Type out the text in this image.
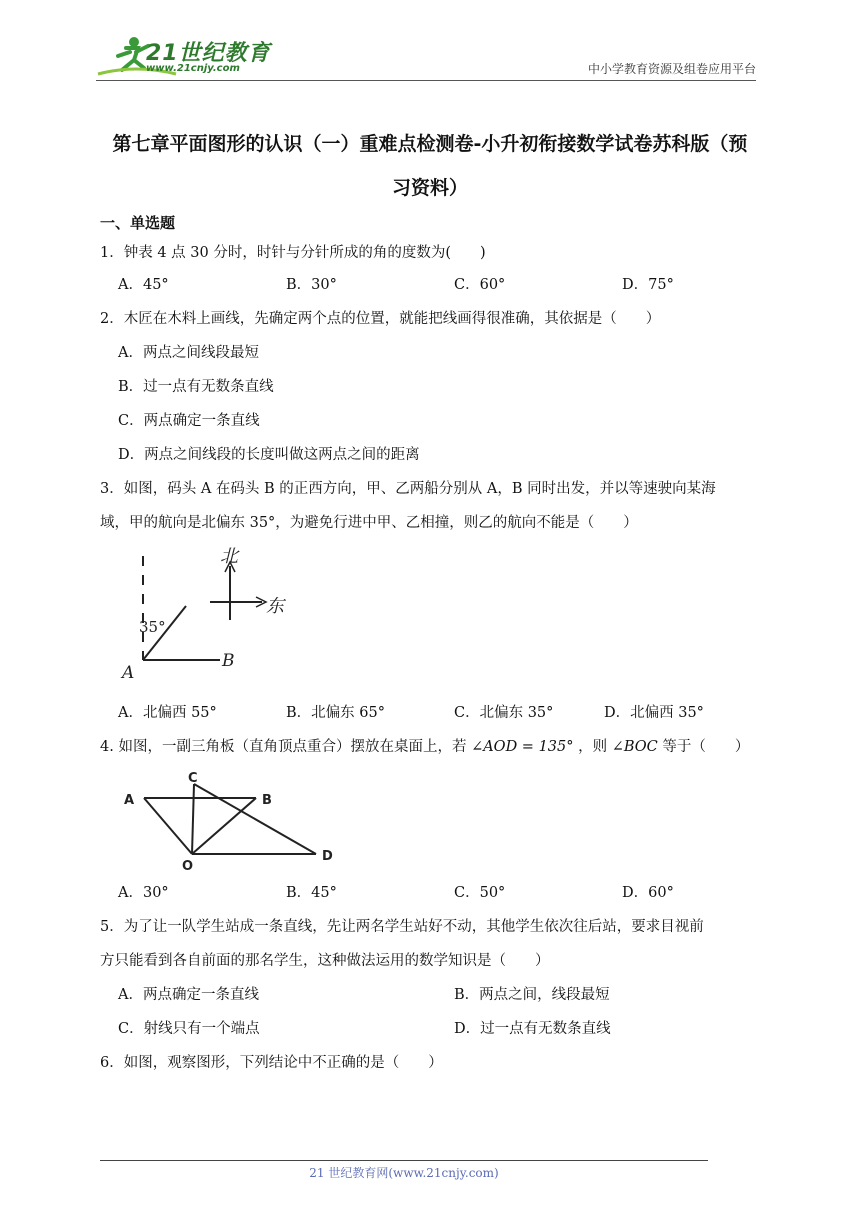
21世纪教育
www.21cnjy.com	中小学教育资源及组卷应用平台
第七章平面图形的认识（一）重难点检测卷-小升初衔接数学试卷苏科版（预
习资料）
一、单选题
1．钟表 4 点 30 分时，时针与分针所成的角的度数为(　　)
A．45°	B．30°	C．60°	D．75°
2．木匠在木料上画线，先确定两个点的位置，就能把线画得很准确，其依据是（　　）
A．两点之间线段最短
B．过一点有无数条直线
C．两点确定一条直线
D．两点之间线段的长度叫做这两点之间的距离
3．如图，码头 A 在码头 B 的正西方向，甲、乙两船分别从 A，B 同时出发，并以等速驶向某海
域，甲的航向是北偏东 35°，为避免行进中甲、乙相撞，则乙的航向不能是（　　）
北
东
35°
A
B
A．北偏西 55°	B．北偏东 65°	C．北偏东 35°	D．北偏西 35°
4. 如图，一副三角板（直角顶点重合）摆放在桌面上，若 ∠AOD = 135° ，则 ∠BOC 等于（　　）
A	B
C
O
D
A．30°	B．45°	C．50°	D．60°
5．为了让一队学生站成一条直线，先让两名学生站好不动，其他学生依次往后站，要求目视前
方只能看到各自前面的那名学生，这种做法运用的数学知识是（　　）
A．两点确定一条直线	B．两点之间，线段最短
C．射线只有一个端点	D．过一点有无数条直线
6．如图，观察图形，下列结论中不正确的是（　　）
21 世纪教育网(www.21cnjy.com)
